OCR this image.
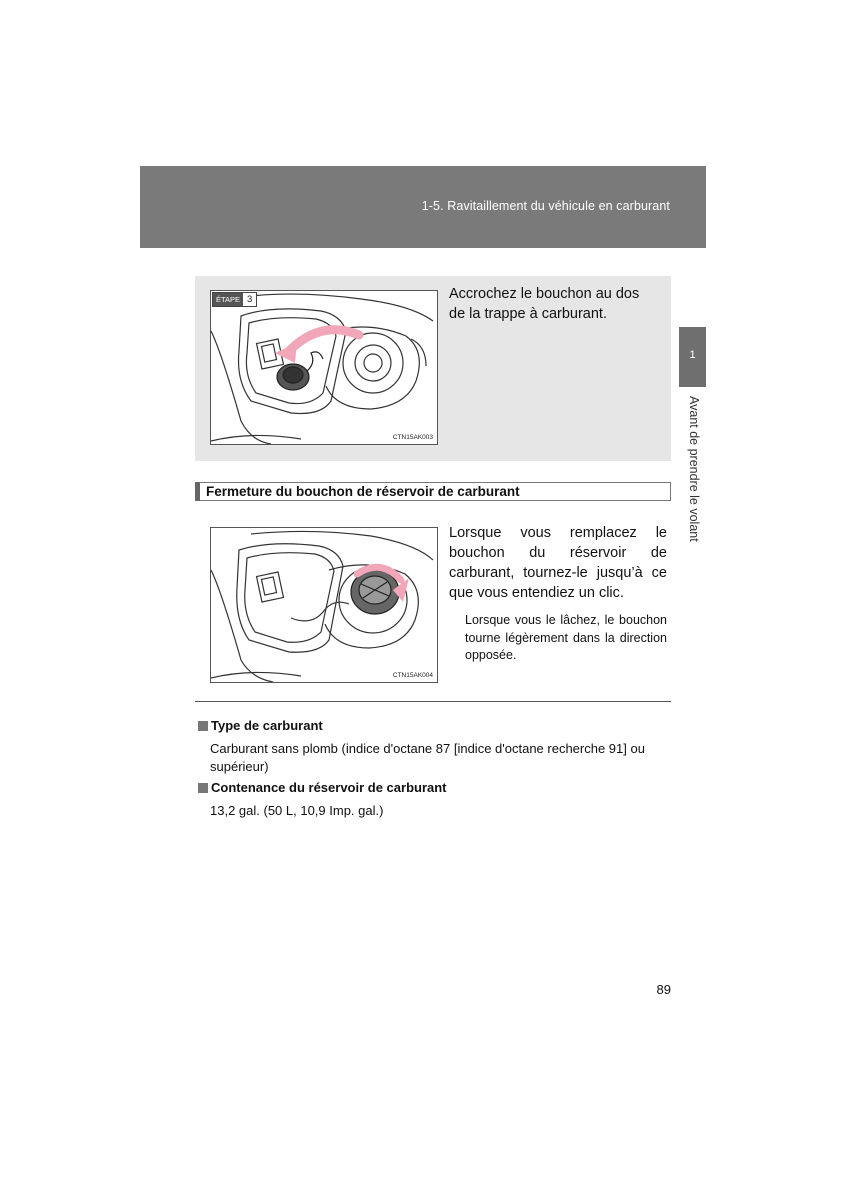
1-5. Ravitaillement du véhicule en carburant
1
Avant de prendre le volant
ÉTAPE 3
CTN15AK003
Accrochez le bouchon au dos de la trappe à carburant.
Fermeture du bouchon de réservoir de carburant
CTN15AK004
Lorsque vous remplacez le bouchon du réservoir de carburant, tournez-le jusqu’à ce que vous entendiez un clic.
Lorsque vous le lâchez, le bouchon tourne légèrement dans la direction opposée.
Type de carburant
Carburant sans plomb (indice d'octane 87 [indice d'octane recherche 91] ou supérieur)
Contenance du réservoir de carburant
13,2 gal. (50 L, 10,9 Imp. gal.)
89
